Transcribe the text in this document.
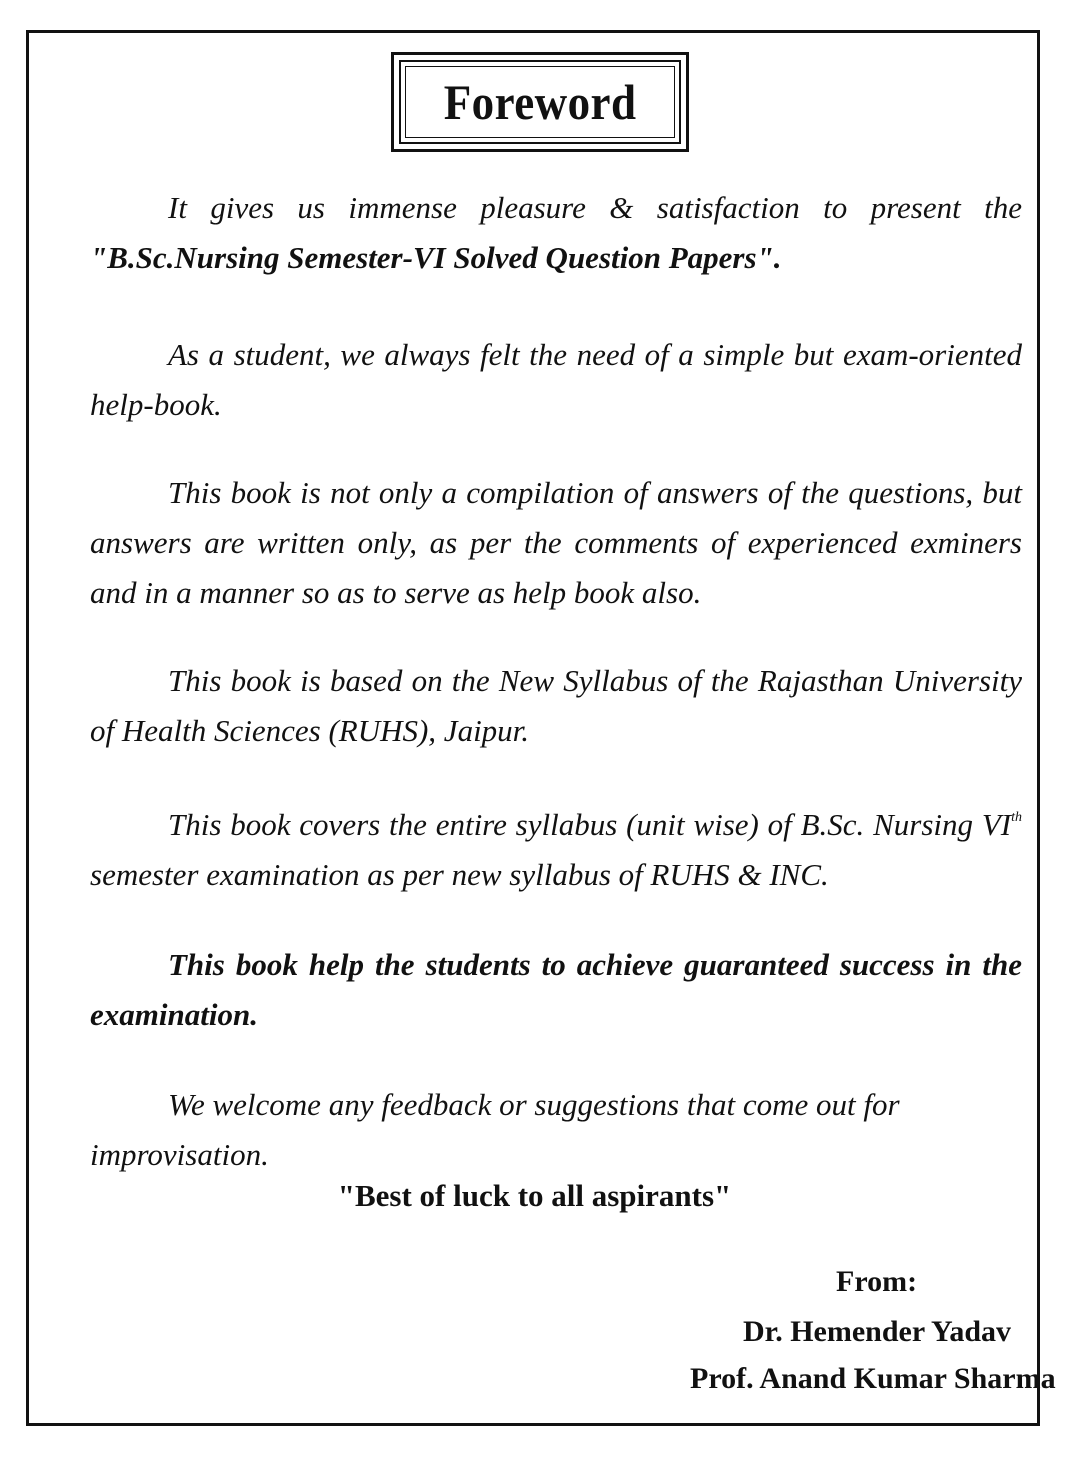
Foreword

It gives us immense pleasure & satisfaction to present the "B.Sc.Nursing Semester-VI Solved Question Papers".

As a student, we always felt the need of a simple but exam-oriented help-book.

This book is not only a compilation of answers of the questions, but answers are written only, as per the comments of experienced exminers and in a manner so as to serve as help book also.

This book is based on the New Syllabus of the Rajasthan University of Health Sciences (RUHS), Jaipur.

This book covers the entire syllabus (unit wise) of B.Sc. Nursing VIth semester examination as per new syllabus of RUHS & INC.

This book help the students to achieve guaranteed success in the examination.

We welcome any feedback or suggestions that come out for improvisation.

"Best of luck to all aspirants"
From:
Dr. Hemender Yadav
Prof. Anand Kumar Sharma
